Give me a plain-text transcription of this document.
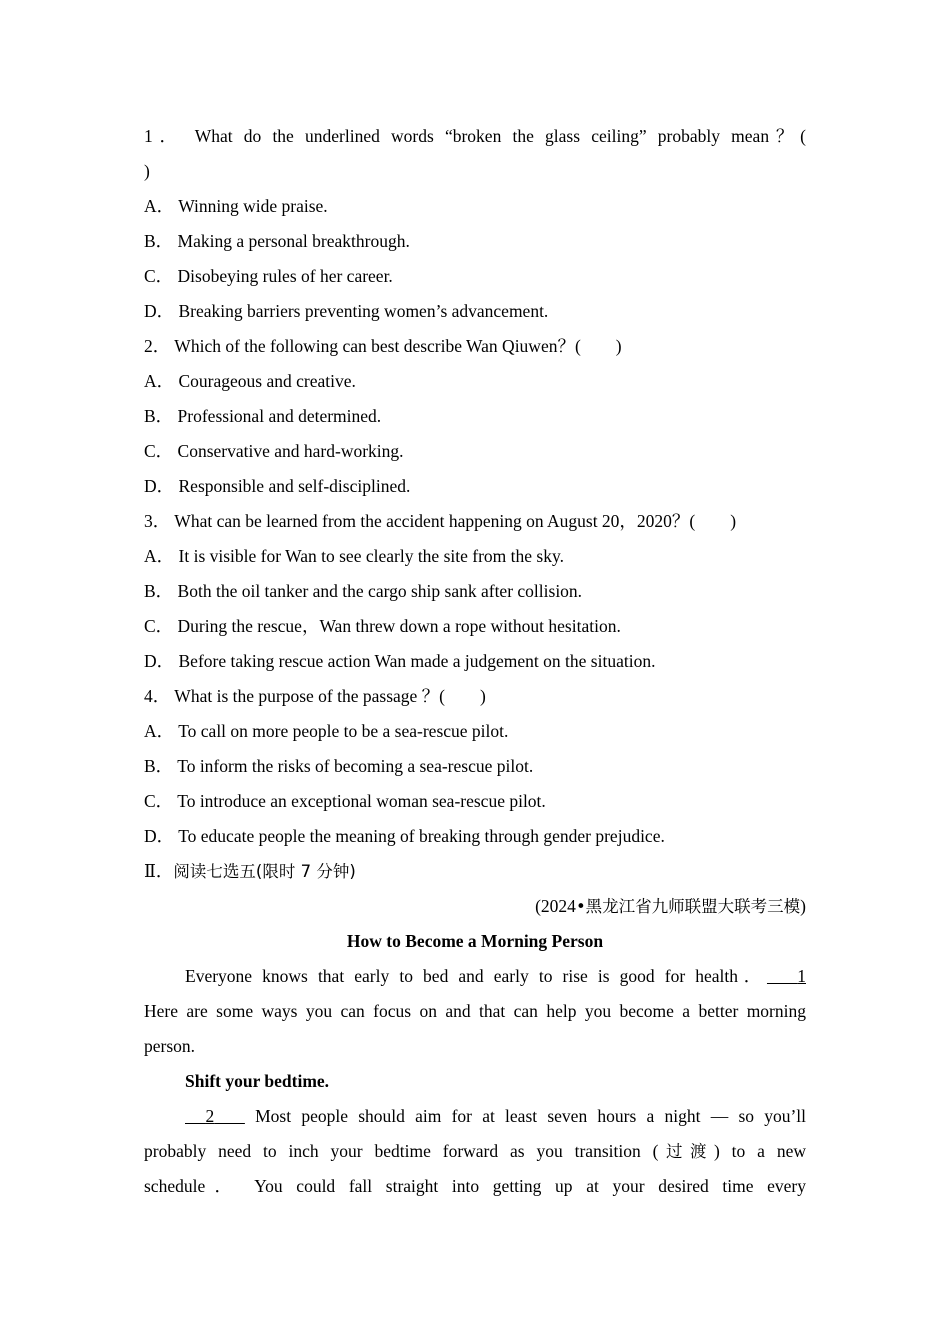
1． What do the underlined words “broken the glass ceiling” probably mean？(
)
A． Winning wide praise.
B． Making a personal breakthrough.
C． Disobeying rules of her career.
D． Breaking barriers preventing women’s advancement.
2． Which of the following can best describe Wan Qiuwen？(　　)
A． Courageous and creative.
B． Professional and determined.
C． Conservative and hard-working.
D． Responsible and self-disciplined.
3． What can be learned from the accident happening on August 20，2020？(　　)
A． It is visible for Wan to see clearly the site from the sky.
B． Both the oil tanker and the cargo ship sank after collision.
C． During the rescue，Wan threw down a rope without hesitation.
D． Before taking rescue action Wan made a judgement on the situation.
4． What is the purpose of the passage ？(　　)
A． To call on more people to be a sea-rescue pilot.
B． To inform the risks of becoming a sea-rescue pilot.
C． To introduce an exceptional woman sea-rescue pilot.
D． To educate people the meaning of breaking through gender prejudice.
Ⅱ．阅读七选五(限时 7 分钟)
(2024•黑龙江省九师联盟大联考三模)
How to Become a Morning Person
Everyone knows that early to bed and early to rise is good for health． 1
Here are some ways you can focus on and that can help you become a better morning
person.
Shift your bedtime.
2 Most people should aim for at least seven hours a night — so you’ll
probably need to inch your bedtime forward as you transition (过渡) to a new
schedule． You could fall straight into getting up at your desired time every
